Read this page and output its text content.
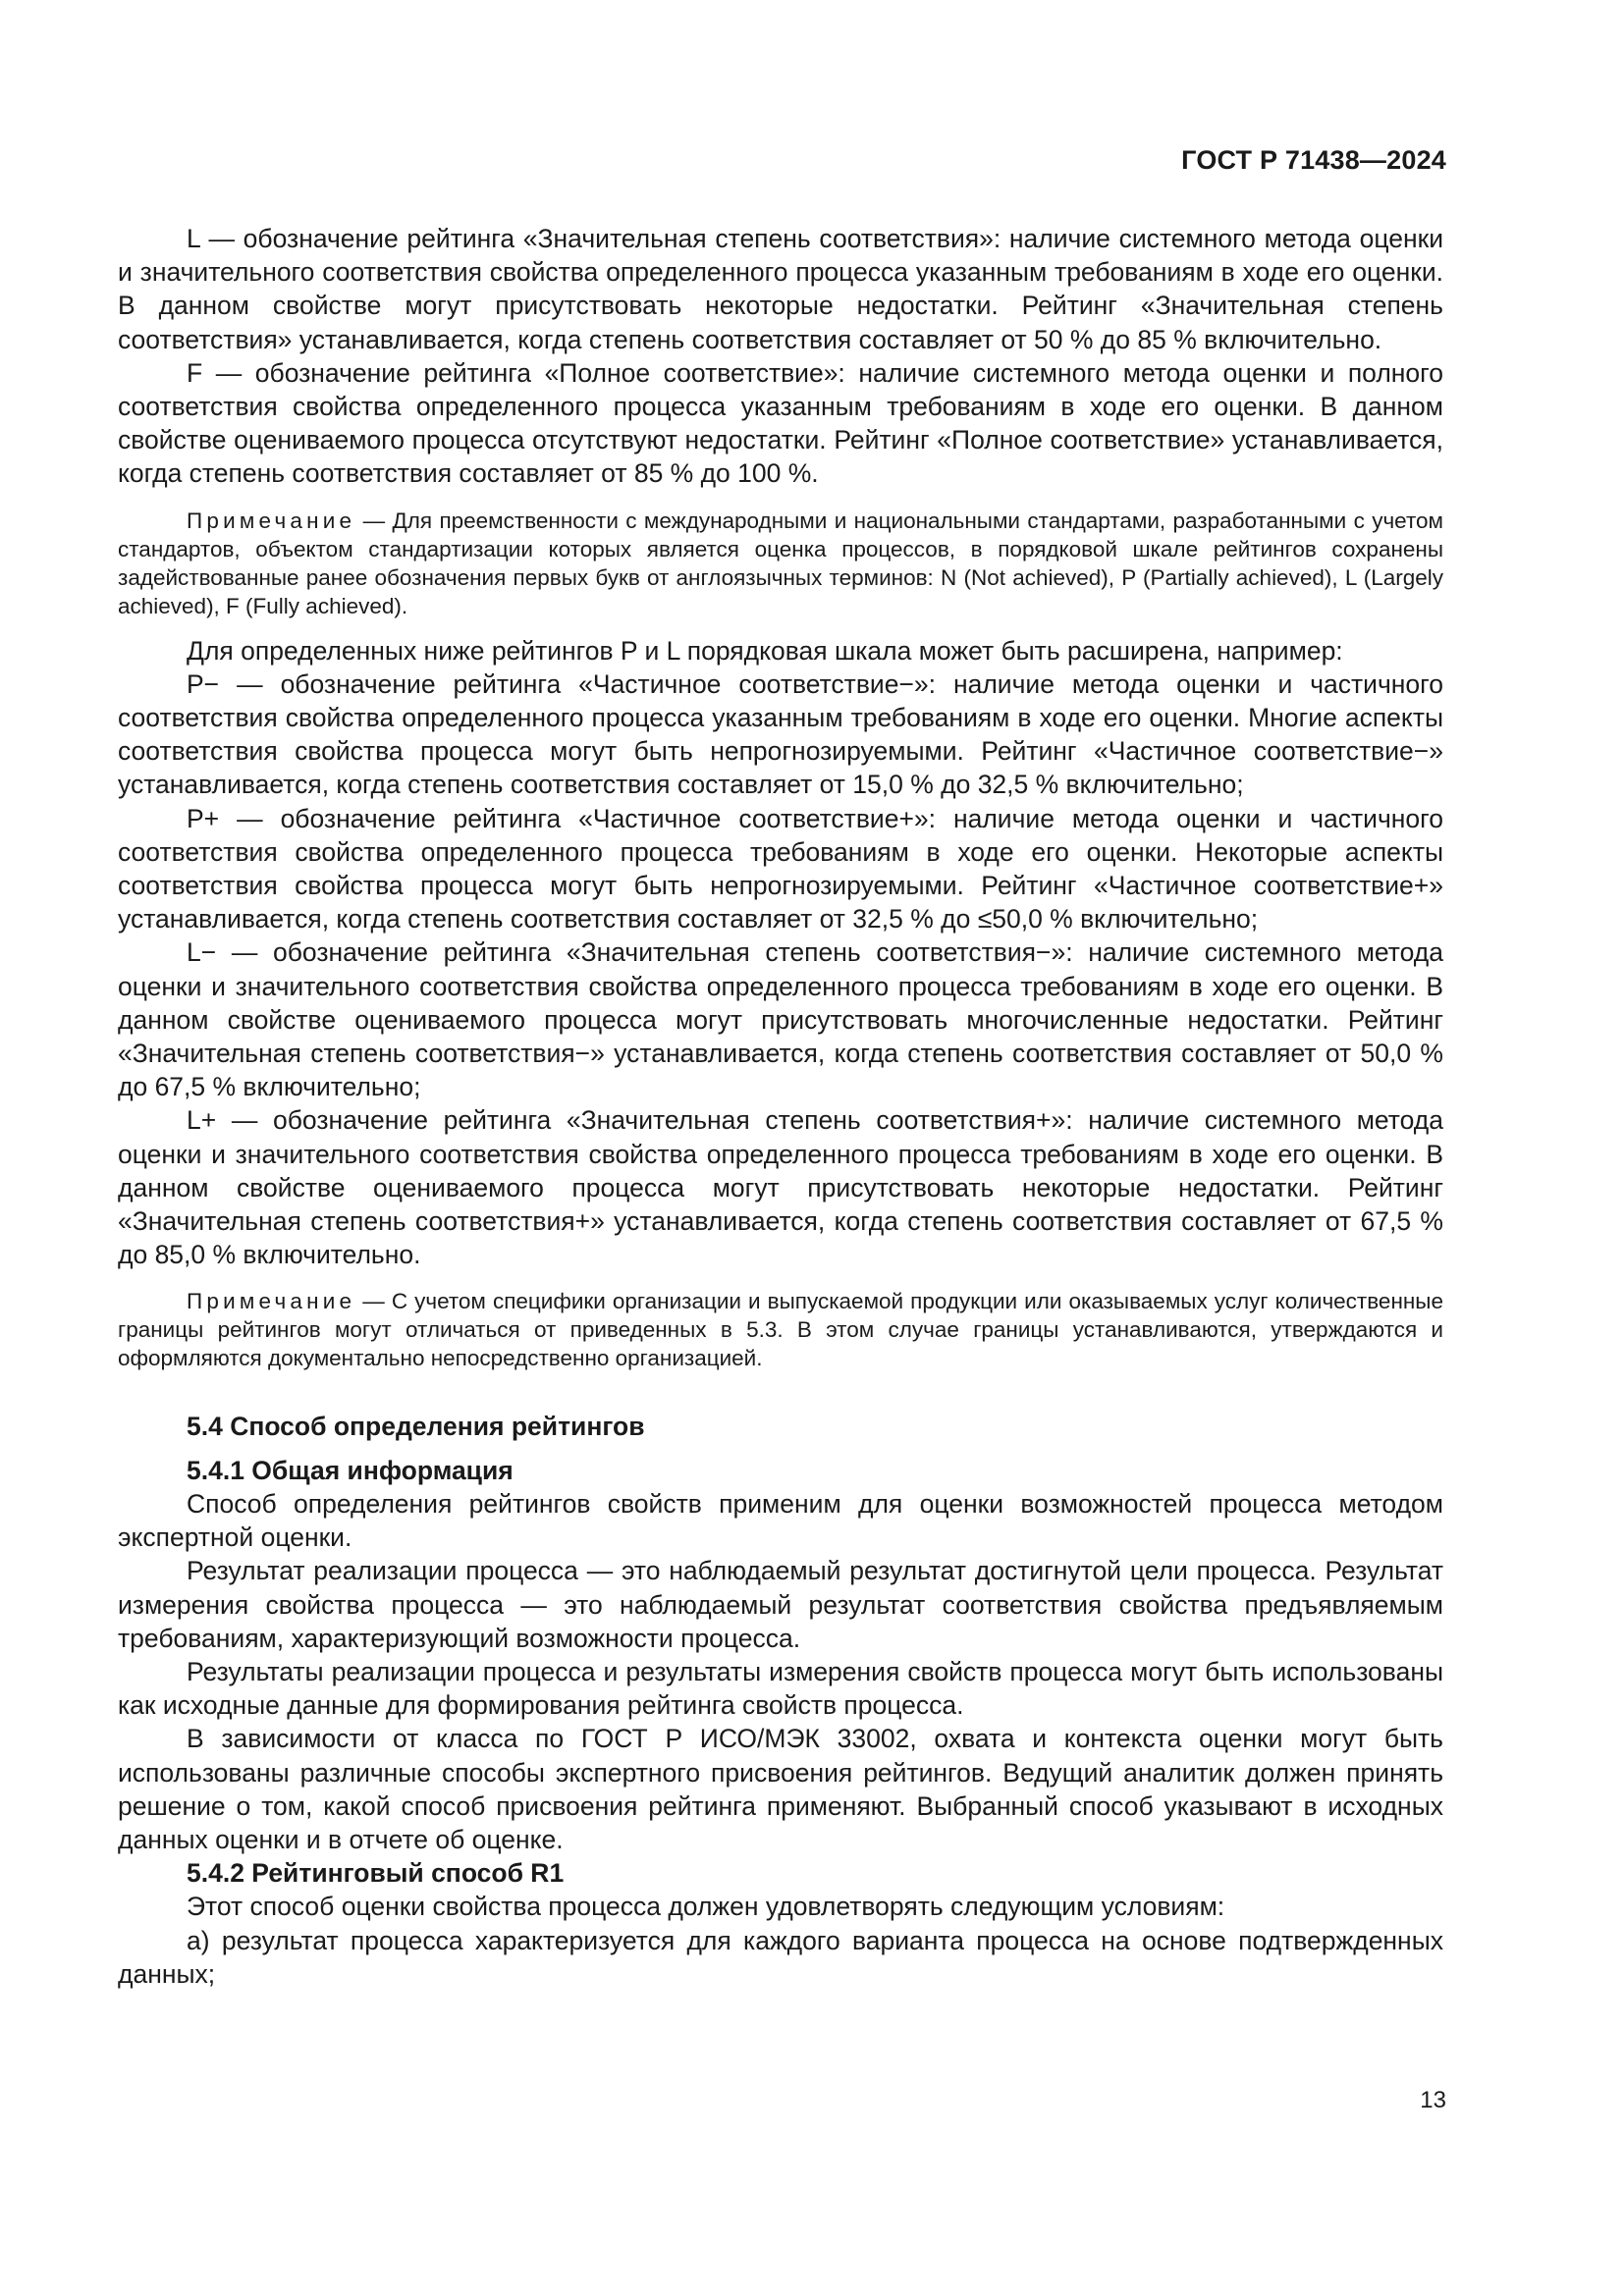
ГОСТ Р 71438—2024

L — обозначение рейтинга «Значительная степень соответствия»: наличие системного метода оценки и значительного соответствия свойства определенного процесса указанным требованиям в ходе его оценки. В данном свойстве могут присутствовать некоторые недостатки. Рейтинг «Значительная степень соответствия» устанавливается, когда степень соответствия составляет от 50 % до 85 % включительно.

F — обозначение рейтинга «Полное соответствие»: наличие системного метода оценки и полного соответствия свойства определенного процесса указанным требованиям в ходе его оценки. В данном свойстве оцениваемого процесса отсутствуют недостатки. Рейтинг «Полное соответствие» устанавливается, когда степень соответствия составляет от 85 % до 100 %.

Примечание — Для преемственности с международными и национальными стандартами, разработанными с учетом стандартов, объектом стандартизации которых является оценка процессов, в порядковой шкале рейтингов сохранены задействованные ранее обозначения первых букв от англоязычных терминов: N (Not achieved), P (Partially achieved), L (Largely achieved), F (Fully achieved).

Для определенных ниже рейтингов P и L порядковая шкала может быть расширена, например:

P− — обозначение рейтинга «Частичное соответствие−»: наличие метода оценки и частичного соответствия свойства определенного процесса указанным требованиям в ходе его оценки. Многие аспекты соответствия свойства процесса могут быть непрогнозируемыми. Рейтинг «Частичное соответствие−» устанавливается, когда степень соответствия составляет от 15,0 % до 32,5 % включительно;

P+ — обозначение рейтинга «Частичное соответствие+»: наличие метода оценки и частичного соответствия свойства определенного процесса требованиям в ходе его оценки. Некоторые аспекты соответствия свойства процесса могут быть непрогнозируемыми. Рейтинг «Частичное соответствие+» устанавливается, когда степень соответствия составляет от 32,5 % до ≤50,0 % включительно;

L− — обозначение рейтинга «Значительная степень соответствия−»: наличие системного метода оценки и значительного соответствия свойства определенного процесса требованиям в ходе его оценки. В данном свойстве оцениваемого процесса могут присутствовать многочисленные недостатки. Рейтинг «Значительная степень соответствия−» устанавливается, когда степень соответствия составляет от 50,0 % до 67,5 % включительно;

L+ — обозначение рейтинга «Значительная степень соответствия+»: наличие системного метода оценки и значительного соответствия свойства определенного процесса требованиям в ходе его оценки. В данном свойстве оцениваемого процесса могут присутствовать некоторые недостатки. Рейтинг «Значительная степень соответствия+» устанавливается, когда степень соответствия составляет от 67,5 % до 85,0 % включительно.

Примечание — С учетом специфики организации и выпускаемой продукции или оказываемых услуг количественные границы рейтингов могут отличаться от приведенных в 5.3. В этом случае границы устанавливаются, утверждаются и оформляются документально непосредственно организацией.

5.4 Способ определения рейтингов
5.4.1 Общая информация

Способ определения рейтингов свойств применим для оценки возможностей процесса методом экспертной оценки.

Результат реализации процесса — это наблюдаемый результат достигнутой цели процесса. Результат измерения свойства процесса — это наблюдаемый результат соответствия свойства предъявляемым требованиям, характеризующий возможности процесса.

Результаты реализации процесса и результаты измерения свойств процесса могут быть использованы как исходные данные для формирования рейтинга свойств процесса.

В зависимости от класса по ГОСТ Р ИСО/МЭК 33002, охвата и контекста оценки могут быть использованы различные способы экспертного присвоения рейтингов. Ведущий аналитик должен принять решение о том, какой способ присвоения рейтинга применяют. Выбранный способ указывают в исходных данных оценки и в отчете об оценке.

5.4.2 Рейтинговый способ R1

Этот способ оценки свойства процесса должен удовлетворять следующим условиям:

а) результат процесса характеризуется для каждого варианта процесса на основе подтвержденных данных;

13
